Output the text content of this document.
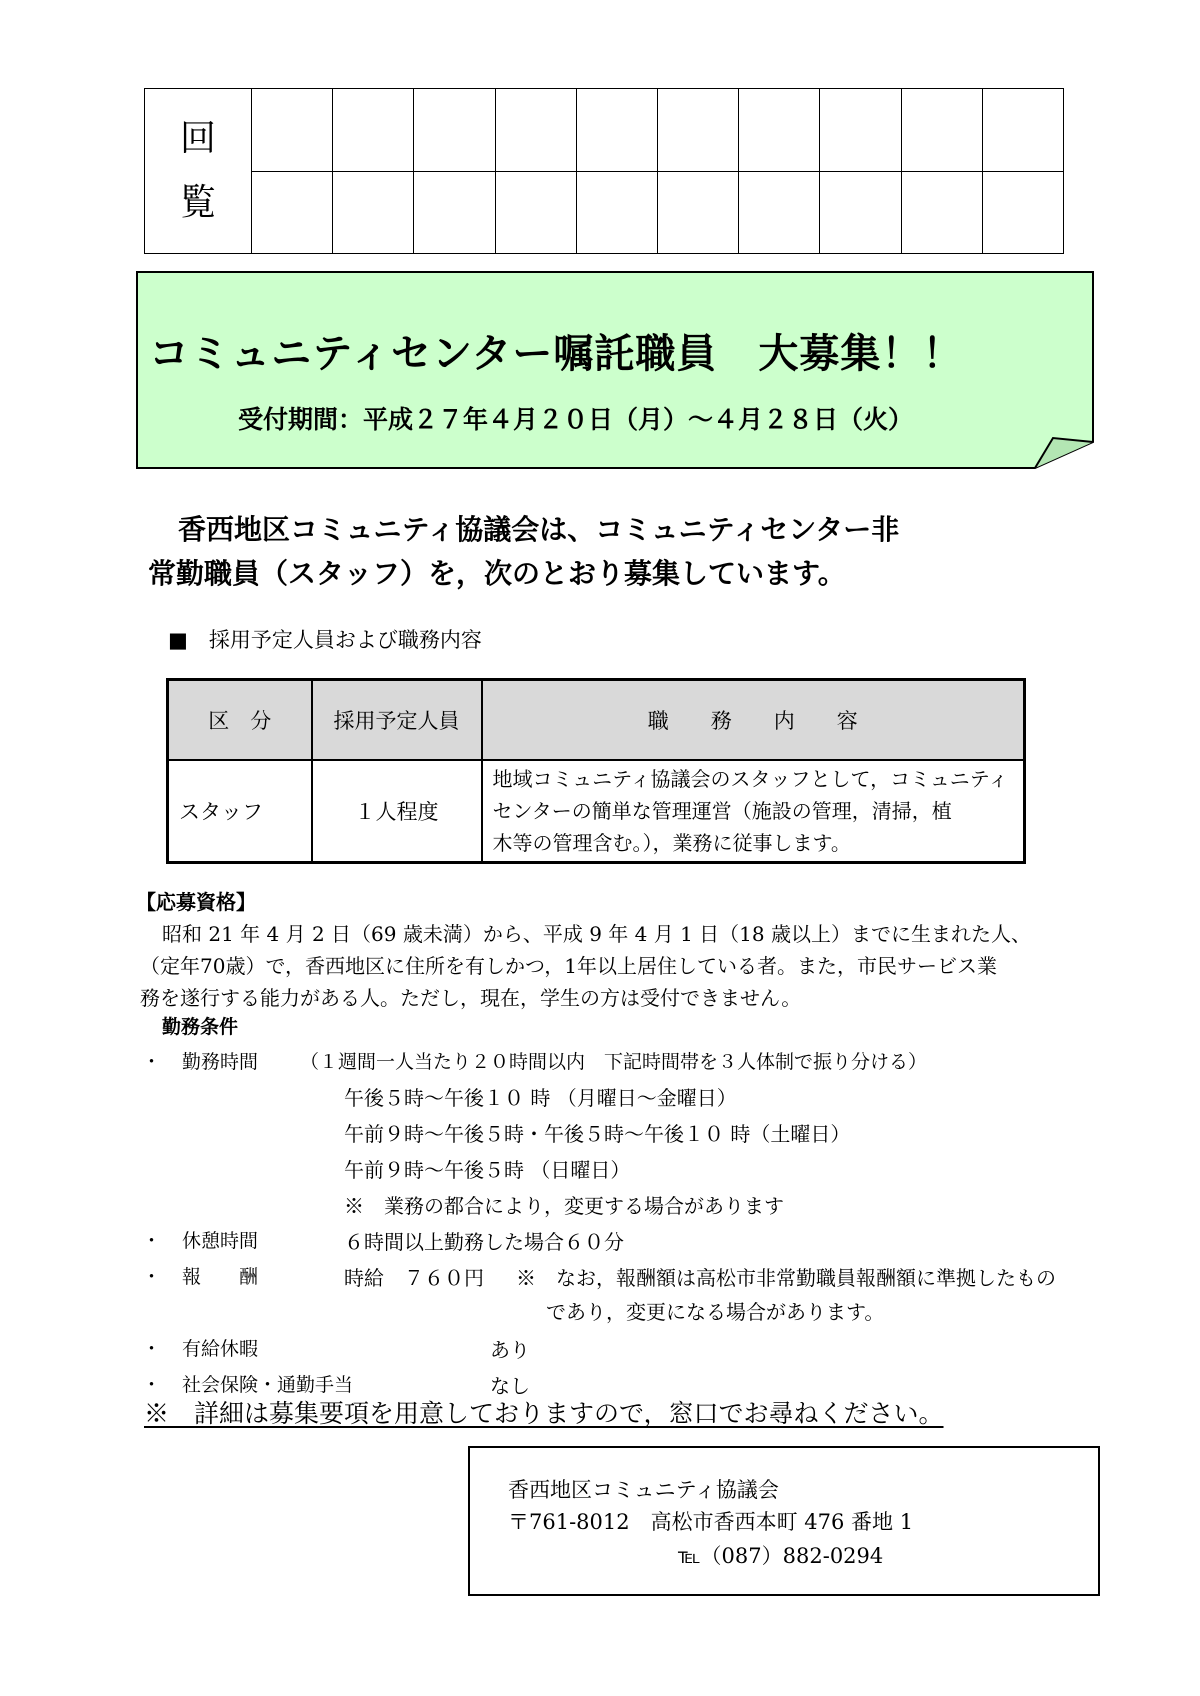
回
覧										

コミュニティセンター嘱託職員　大募集！！
受付期間：平成２７年４月２０日（月）～４月２８日（火）
香西地区コミュニティ協議会は、コミュニティセンター非
常勤職員（スタッフ）を，次のとおり募集しています。
■　採用予定人員および職務内容
区　分	採用予定人員	職　　務　　内　　容
スタッフ	１人程度	地域コミュニティ協議会のスタッフとして，コミュニティ
センターの簡単な管理運営（施設の管理，清掃，植
木等の管理含む。），業務に従事します。
【応募資格】
昭和 21 年 4 月 2 日（69 歳未満）から、平成 9 年 4 月 1 日（18 歳以上）までに生まれた人、
（定年70歳）で，香西地区に住所を有しかつ，1年以上居住している者。また，市民サービス業
務を遂行する能力がある人。ただし，現在，学生の方は受付できません。
勤務条件
・ 勤務時間 （１週間一人当たり２０時間以内　下記時間帯を３人体制で振り分ける）
午後５時～午後１０ 時 （月曜日～金曜日）
午前９時～午後５時・午後５時～午後１０ 時（土曜日）
午前９時～午後５時 （日曜日）
※　業務の都合により，変更する場合があります
・ 休憩時間	６時間以上勤務した場合６０分
・ 報　　酬	時給　７６０円 ※　なお，報酬額は高松市非常勤職員報酬額に準拠したもの
であり，変更になる場合があります。
・ 有給休暇	あり
・ 社会保険・通勤手当	なし
※　詳細は募集要項を用意しておりますので，窓口でお尋ねください。
香西地区コミュニティ協議会
〒761-8012　高松市香西本町 476 番地 1
℡（087）882-0294
